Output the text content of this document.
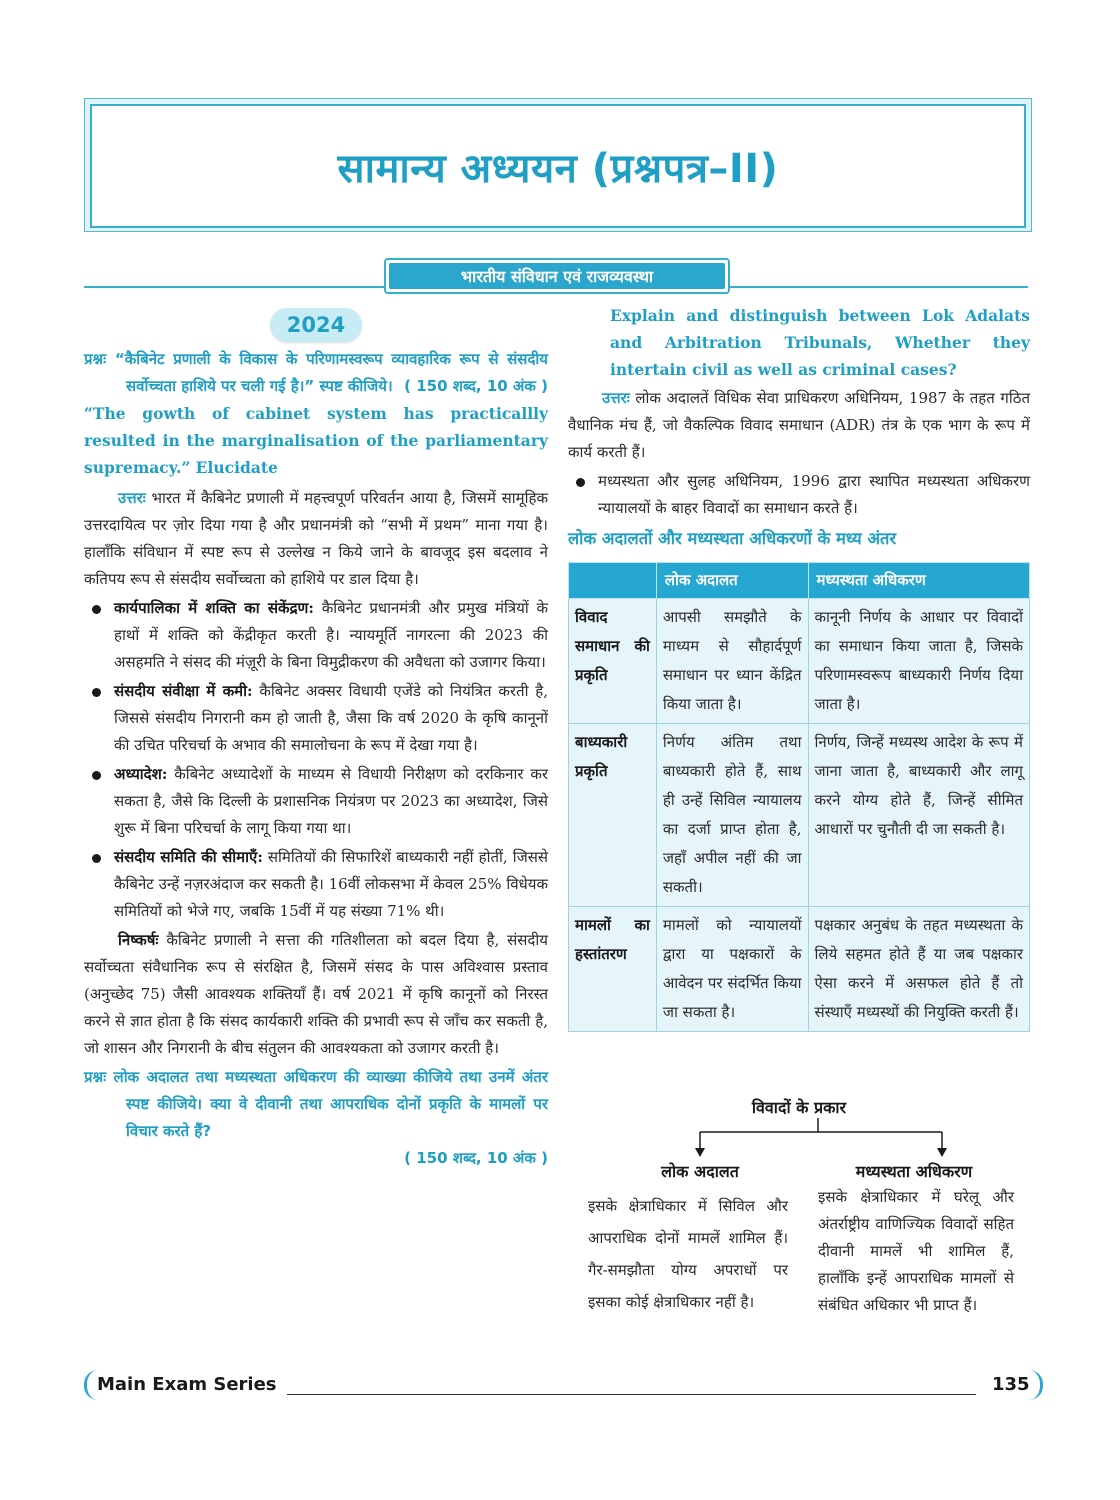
सामान्य अध्ययन (प्रश्नपत्र–II)
भारतीय संविधान एवं राजव्यवस्था
2024
प्रश्नः “कैबिनेट प्रणाली के विकास के परिणामस्वरूप व्यावहारिक रूप से संसदीय सर्वोच्चता हाशिये पर चली गई है।” स्पष्ट कीजिये। ( 150 शब्द, 10 अंक )
“The gowth of cabinet system has practicallly resulted in the marginalisation of the parliamentary supremacy.” Elucidate

उत्तरः भारत में कैबिनेट प्रणाली में महत्त्वपूर्ण परिवर्तन आया है, जिसमें सामूहिक उत्तरदायित्व पर ज़ोर दिया गया है और प्रधानमंत्री को “सभी में प्रथम” माना गया है। हालाँकि संविधान में स्पष्ट रूप से उल्लेख न किये जाने के बावजूद इस बदलाव ने कतिपय रूप से संसदीय सर्वोच्चता को हाशिये पर डाल दिया है।

कार्यपालिका में शक्ति का संकेंद्रण: कैबिनेट प्रधानमंत्री और प्रमुख मंत्रियों के हाथों में शक्ति को केंद्रीकृत करती है। न्यायमूर्ति नागरत्ना की 2023 की असहमति ने संसद की मंज़ूरी के बिना विमुद्रीकरण की अवैधता को उजागर किया।
संसदीय संवीक्षा में कमी: कैबिनेट अक्सर विधायी एजेंडे को नियंत्रित करती है, जिससे संसदीय निगरानी कम हो जाती है, जैसा कि वर्ष 2020 के कृषि कानूनों की उचित परिचर्चा के अभाव की समालोचना के रूप में देखा गया है।
अध्यादेश: कैबिनेट अध्यादेशों के माध्यम से विधायी निरीक्षण को दरकिनार कर सकता है, जैसे कि दिल्ली के प्रशासनिक नियंत्रण पर 2023 का अध्यादेश, जिसे शुरू में बिना परिचर्चा के लागू किया गया था।
संसदीय समिति की सीमाएँ: समितियों की सिफारिशें बाध्यकारी नहीं होतीं, जिससे कैबिनेट उन्हें नज़रअंदाज कर सकती है। 16वीं लोकसभा में केवल 25% विधेयक समितियों को भेजे गए, जबकि 15वीं में यह संख्या 71% थी।

निष्कर्षः कैबिनेट प्रणाली ने सत्ता की गतिशीलता को बदल दिया है, संसदीय सर्वोच्चता संवैधानिक रूप से संरक्षित है, जिसमें संसद के पास अविश्वास प्रस्ताव (अनुच्छेद 75) जैसी आवश्यक शक्तियाँ हैं। वर्ष 2021 में कृषि कानूनों को निरस्त करने से ज्ञात होता है कि संसद कार्यकारी शक्ति की प्रभावी रूप से जाँच कर सकती है, जो शासन और निगरानी के बीच संतुलन की आवश्यकता को उजागर करती है।

प्रश्नः लोक अदालत तथा मध्यस्थता अधिकरण की व्याख्या कीजिये तथा उनमें अंतर स्पष्ट कीजिये। क्या वे दीवानी तथा आपराधिक दोनों प्रकृति के मामलों पर विचार करते हैं?
( 150 शब्द, 10 अंक )
Explain and distinguish between Lok Adalats and Arbitration Tribunals, Whether they intertain civil as well as criminal cases?

उत्तरः लोक अदालतें विधिक सेवा प्राधिकरण अधिनियम, 1987 के तहत गठित वैधानिक मंच हैं, जो वैकल्पिक विवाद समाधान (ADR) तंत्र के एक भाग के रूप में कार्य करती हैं।

मध्यस्थता और सुलह अधिनियम, 1996 द्वारा स्थापित मध्यस्थता अधिकरण न्यायालयों के बाहर विवादों का समाधान करते हैं।
लोक अदालतों और मध्यस्थता अधिकरणों के मध्य अंतर
	लोक अदालत	मध्यस्थता अधिकरण
विवाद समाधान की प्रकृति	आपसी समझौते के माध्यम से सौहार्दपूर्ण समाधान पर ध्यान केंद्रित किया जाता है।	कानूनी निर्णय के आधार पर विवादों का समाधान किया जाता है, जिसके परिणामस्वरूप बाध्यकारी निर्णय दिया जाता है।
बाध्यकारी प्रकृति	निर्णय अंतिम तथा बाध्यकारी होते हैं, साथ ही उन्हें सिविल न्यायालय का दर्जा प्राप्त होता है, जहाँ अपील नहीं की जा सकती।	निर्णय, जिन्हें मध्यस्थ आदेश के रूप में जाना जाता है, बाध्यकारी और लागू करने योग्य होते हैं, जिन्हें सीमित आधारों पर चुनौती दी जा सकती है।
मामलों का हस्तांतरण	मामलों को न्यायालयों द्वारा या पक्षकारों के आवेदन पर संदर्भित किया जा सकता है।	पक्षकार अनुबंध के तहत मध्यस्थता के लिये सहमत होते हैं या जब पक्षकार ऐसा करने में असफल होते हैं तो संस्थाएँ मध्यस्थों की नियुक्ति करती हैं।
विवादों के प्रकार
लोक अदालत
इसके क्षेत्राधिकार में सिविल और आपराधिक दोनों मामलें शामिल हैं। गैर-समझौता योग्य अपराधों पर इसका कोई क्षेत्राधिकार नहीं है।
मध्यस्थता अधिकरण
इसके क्षेत्राधिकार में घरेलू और अंतर्राष्ट्रीय वाणिज्यिक विवादों सहित दीवानी मामलें भी शामिल हैं, हालाँकि इन्हें आपराधिक मामलों से संबंधित अधिकार भी प्राप्त हैं।
Main Exam Series	135
